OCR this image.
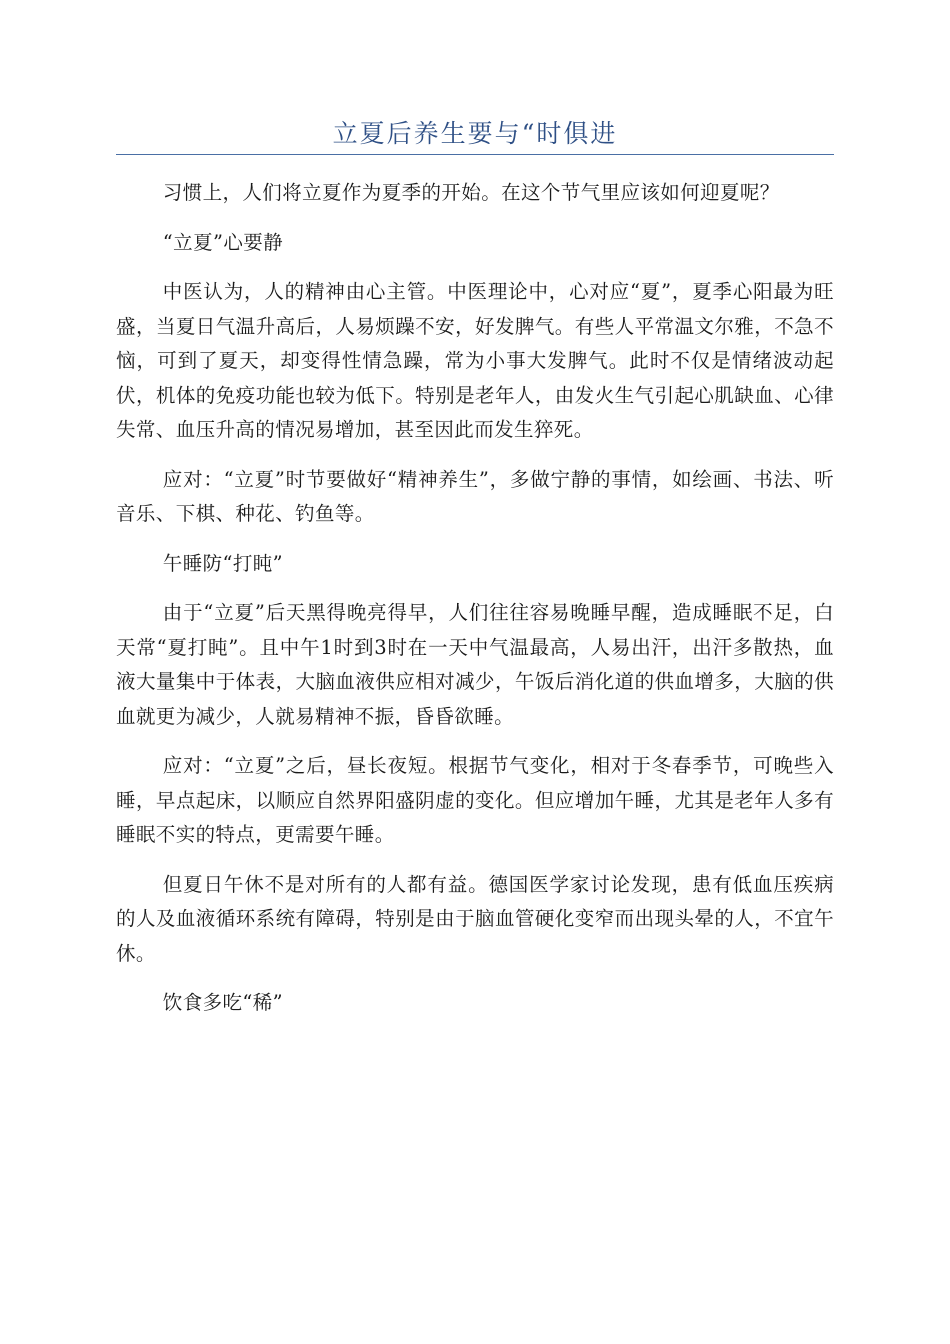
立夏后养生要与“时俱进

习惯上，人们将立夏作为夏季的开始。在这个节气里应该如何迎夏呢？

“立夏”心要静

中医认为，人的精神由心主管。中医理论中，心对应“夏”，夏季心阳最为旺盛，当夏日气温升高后，人易烦躁不安，好发脾气。有些人平常温文尔雅，不急不恼，可到了夏天，却变得性情急躁，常为小事大发脾气。此时不仅是情绪波动起伏，机体的免疫功能也较为低下。特别是老年人，由发火生气引起心肌缺血、心律失常、血压升高的情况易增加，甚至因此而发生猝死。

应对：“立夏”时节要做好“精神养生”，多做宁静的事情，如绘画、书法、听音乐、下棋、种花、钓鱼等。

午睡防“打盹”

由于“立夏”后天黑得晚亮得早，人们往往容易晚睡早醒，造成睡眠不足，白天常“夏打盹”。且中午1时到3时在一天中气温最高，人易出汗，出汗多散热，血液大量集中于体表，大脑血液供应相对减少，午饭后消化道的供血增多，大脑的供血就更为减少，人就易精神不振，昏昏欲睡。

应对：“立夏”之后，昼长夜短。根据节气变化，相对于冬春季节，可晚些入睡，早点起床，以顺应自然界阳盛阴虚的变化。但应增加午睡，尤其是老年人多有睡眠不实的特点，更需要午睡。

但夏日午休不是对所有的人都有益。德国医学家讨论发现，患有低血压疾病的人及血液循环系统有障碍，特别是由于脑血管硬化变窄而出现头晕的人，不宜午休。

饮食多吃“稀”
